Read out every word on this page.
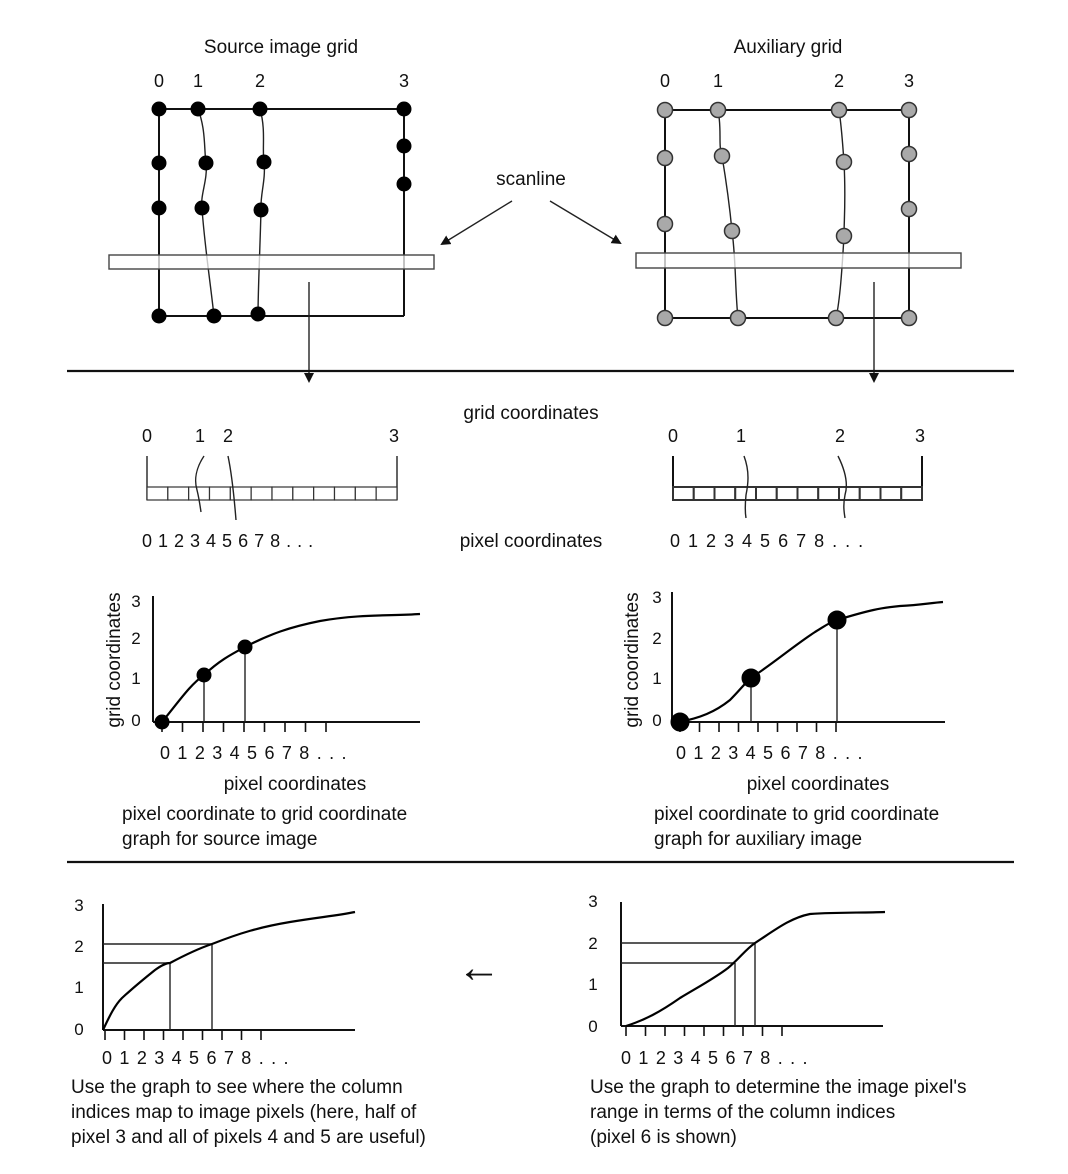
Source image grid
0 1	2	3
Auxiliary grid
0 1	2	3
scanline
grid coordinates
pixel coordinates
0 1 2	3
0 1 2 3 4 5 6 7 8 . . .
0	1	2	3
0 1 2 3 4 5 6 7 8 . . .
grid coordinates 3
2
1
0
0 1 2 3 4 5 6 7 8 . . .
pixel coordinates
pixel coordinate to grid coordinate
graph for source image
grid coordinates 3
2
1
0
0 1 2 3 4 5 6 7 8 . . .
pixel coordinates
pixel coordinate to grid coordinate
graph for auxiliary image
3
2
1
0
0 1 2 3 4 5 6 7 8 . . .
Use the graph to see where the column
indices map to image pixels (here, half of
pixel 3 and all of pixels 4 and 5 are useful)
←
3
2
1
0
0 1 2 3 4 5 6 7 8 . . .
Use the graph to determine the image pixel's
range in terms of the column indices
(pixel 6 is shown)
